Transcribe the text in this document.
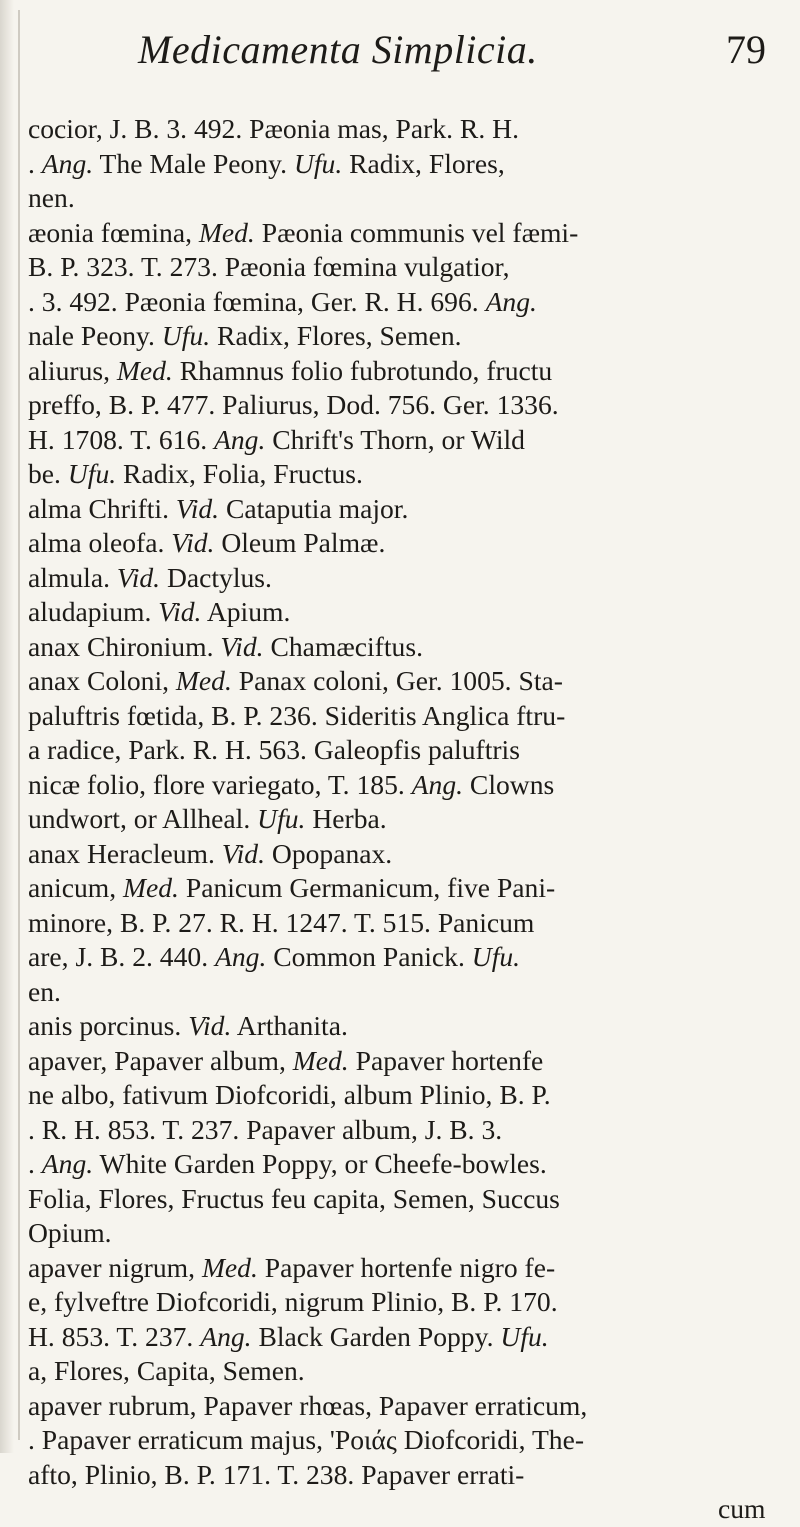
Medicamenta Simplicia.	79
cocior, J. B. 3. 492. Pæonia mas, Park. R. H.
. Ang. The Male Peony. Ufu. Radix, Flores,
nen.
æonia fœmina, Med. Pæonia communis vel fæmi-
B. P. 323. T. 273. Pæonia fœmina vulgatior,
. 3. 492. Pæonia fœmina, Ger. R. H. 696. Ang.
nale Peony. Ufu. Radix, Flores, Semen.
aliurus, Med. Rhamnus folio fubrotundo, fructu
preffo, B. P. 477. Paliurus, Dod. 756. Ger. 1336.
H. 1708. T. 616. Ang. Chrift's Thorn, or Wild
be. Ufu. Radix, Folia, Fructus.
alma Chrifti. Vid. Cataputia major.
alma oleofa. Vid. Oleum Palmæ.
almula. Vid. Dactylus.
aludapium. Vid. Apium.
anax Chironium. Vid. Chamæciftus.
anax Coloni, Med. Panax coloni, Ger. 1005. Sta-
paluftris fœtida, B. P. 236. Sideritis Anglica ftru-
a radice, Park. R. H. 563. Galeopfis paluftris
nicæ folio, flore variegato, T. 185. Ang. Clowns
undwort, or Allheal. Ufu. Herba.
anax Heracleum. Vid. Opopanax.
anicum, Med. Panicum Germanicum, five Pani-
minore, B. P. 27. R. H. 1247. T. 515. Panicum
are, J. B. 2. 440. Ang. Common Panick. Ufu.
en.
anis porcinus. Vid. Arthanita.
apaver, Papaver album, Med. Papaver hortenfe
ne albo, fativum Diofcoridi, album Plinio, B. P.
. R. H. 853. T. 237. Papaver album, J. B. 3.
. Ang. White Garden Poppy, or Cheefe-bowles.
Folia, Flores, Fructus feu capita, Semen, Succus
Opium.
apaver nigrum, Med. Papaver hortenfe nigro fe-
e, fylveftre Diofcoridi, nigrum Plinio, B. P. 170.
H. 853. T. 237. Ang. Black Garden Poppy. Ufu.
a, Flores, Capita, Semen.
apaver rubrum, Papaver rhœas, Papaver erraticum,
. Papaver erraticum majus, 'Ροιάς Diofcoridi, The-
afto, Plinio, B. P. 171. T. 238. Papaver errati-
cum
